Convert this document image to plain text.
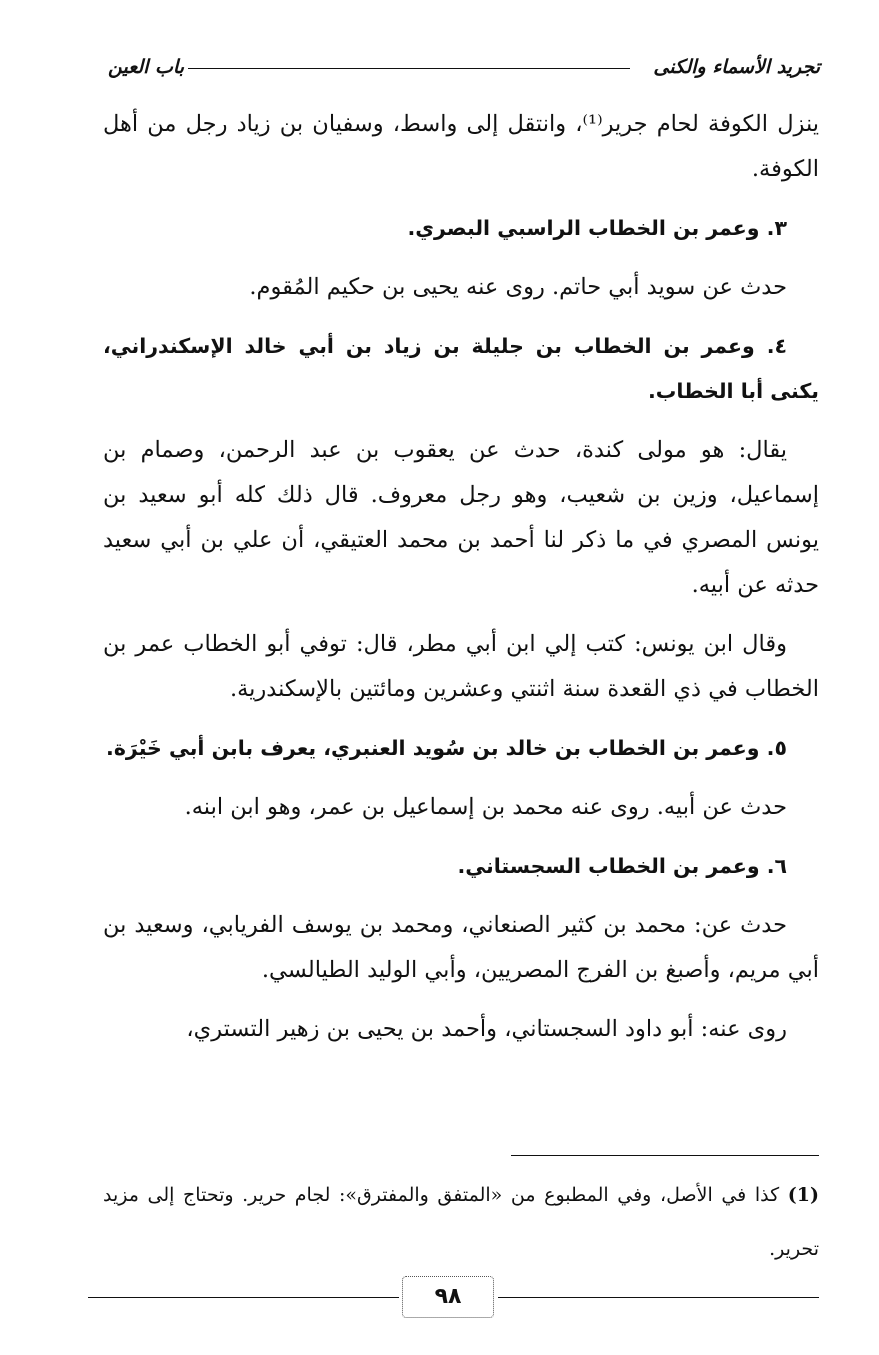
تجريد الأسماء والكنى
باب العين

ينزل الكوفة لحام جرير⁽¹⁾، وانتقل إلى واسط، وسفيان بن زياد رجل من أهل الكوفة.

٣. وعمر بن الخطاب الراسبي البصري.

حدث عن سويد أبي حاتم. روى عنه يحيى بن حكيم المُقوم.

٤. وعمر بن الخطاب بن جليلة بن زياد بن أبي خالد الإسكندراني، يكنى أبا الخطاب.

يقال: هو مولى كندة، حدث عن يعقوب بن عبد الرحمن، وصمام بن إسماعيل، وزين بن شعيب، وهو رجل معروف. قال ذلك كله أبو سعيد بن يونس المصري في ما ذكر لنا أحمد بن محمد العتيقي، أن علي بن أبي سعيد حدثه عن أبيه.

وقال ابن يونس: كتب إلي ابن أبي مطر، قال: توفي أبو الخطاب عمر بن الخطاب في ذي القعدة سنة اثنتي وعشرين ومائتين بالإسكندرية.

٥. وعمر بن الخطاب بن خالد بن سُويد العنبري، يعرف بابن أبي خَيْرَة.

حدث عن أبيه. روى عنه محمد بن إسماعيل بن عمر، وهو ابن ابنه.

٦. وعمر بن الخطاب السجستاني.

حدث عن: محمد بن كثير الصنعاني، ومحمد بن يوسف الفريابي، وسعيد بن أبي مريم، وأصبغ بن الفرج المصريين، وأبي الوليد الطيالسي.

روى عنه: أبو داود السجستاني، وأحمد بن يحيى بن زهير التستري،

(1) كذا في الأصل، وفي المطبوع من «المتفق والمفترق»: لجام حرير. وتحتاج إلى مزيد تحرير.

٩٨
